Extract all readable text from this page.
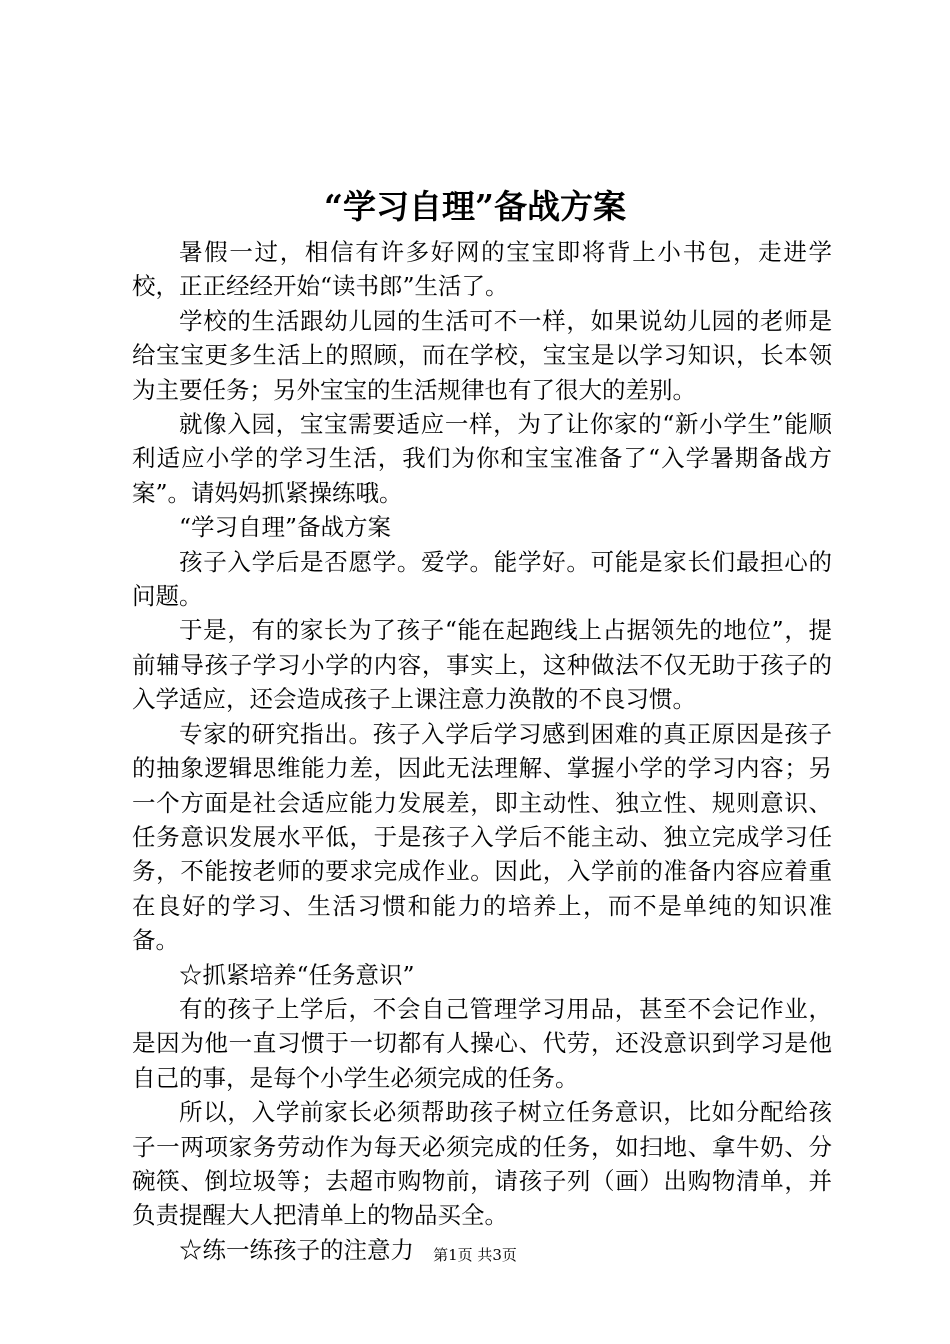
“学习自理”备战方案

暑假一过，相信有许多好网的宝宝即将背上小书包，走进学校，正正经经开始“读书郎”生活了。

学校的生活跟幼儿园的生活可不一样，如果说幼儿园的老师是给宝宝更多生活上的照顾，而在学校，宝宝是以学习知识，长本领为主要任务；另外宝宝的生活规律也有了很大的差别。

就像入园，宝宝需要适应一样，为了让你家的“新小学生”能顺利适应小学的学习生活，我们为你和宝宝准备了“入学暑期备战方案”。请妈妈抓紧操练哦。

“学习自理”备战方案

孩子入学后是否愿学。爱学。能学好。可能是家长们最担心的问题。

于是，有的家长为了孩子“能在起跑线上占据领先的地位”，提前辅导孩子学习小学的内容，事实上，这种做法不仅无助于孩子的入学适应，还会造成孩子上课注意力涣散的不良习惯。

专家的研究指出。孩子入学后学习感到困难的真正原因是孩子的抽象逻辑思维能力差，因此无法理解、掌握小学的学习内容；另一个方面是社会适应能力发展差，即主动性、独立性、规则意识、任务意识发展水平低，于是孩子入学后不能主动、独立完成学习任务，不能按老师的要求完成作业。因此，入学前的准备内容应着重在良好的学习、生活习惯和能力的培养上，而不是单纯的知识准备。

☆抓紧培养“任务意识”

有的孩子上学后，不会自己管理学习用品，甚至不会记作业，是因为他一直习惯于一切都有人操心、代劳，还没意识到学习是他自己的事，是每个小学生必须完成的任务。

所以，入学前家长必须帮助孩子树立任务意识，比如分配给孩子一两项家务劳动作为每天必须完成的任务，如扫地、拿牛奶、分碗筷、倒垃圾等；去超市购物前，请孩子列（画）出购物清单，并负责提醒大人把清单上的物品买全。

☆练一练孩子的注意力	第1页 共3页
